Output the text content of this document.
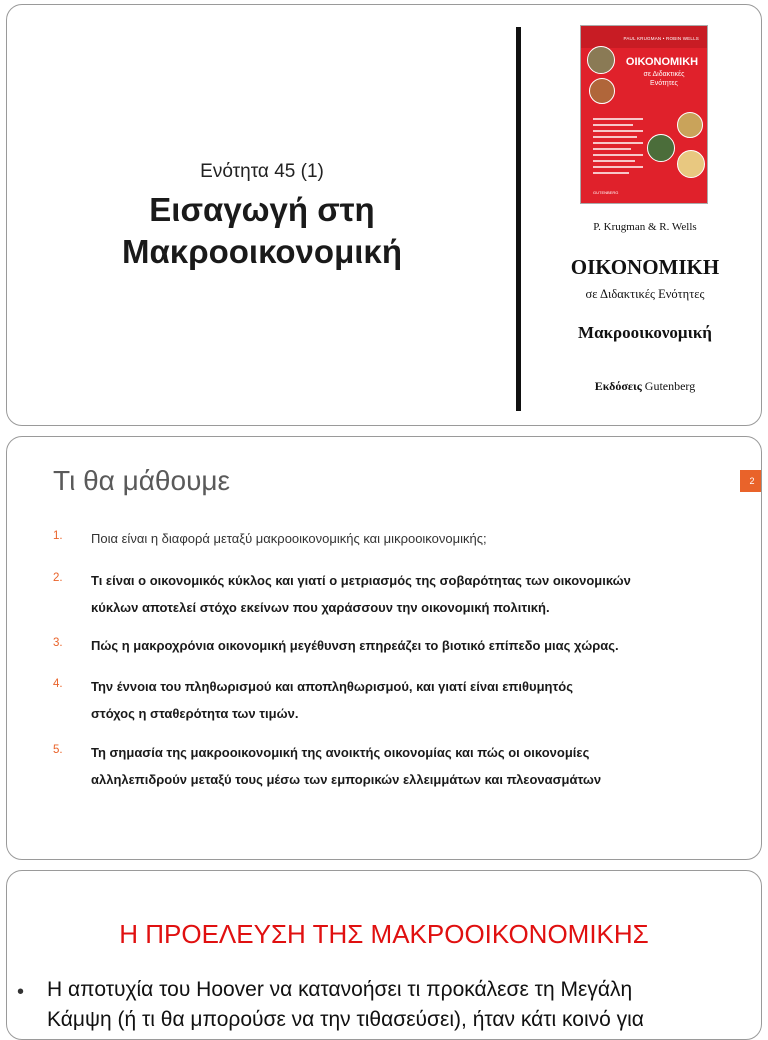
Ενότητα 45 (1)
Εισαγωγή στη
Μακροοικονομική
PAUL KRUGMAN • ROBIN WELLS
ΟΙΚΟΝΟΜΙΚΗ
σε Διδακτικές
Ενότητες
GUTENBERG
P. Krugman & R. Wells
ΟΙΚΟΝΟΜΙΚΗ
σε Διδακτικές Ενότητες
Μακροοικονομική
Εκδόσεις Gutenberg
Τι θα μάθουμε	2
1. Ποια είναι η διαφορά μεταξύ μακροοικονομικής και μικροοικονομικής;
2. Τι είναι ο οικονομικός κύκλος και γιατί ο μετριασμός της σοβαρότητας των οικονομικών
κύκλων αποτελεί στόχο εκείνων που χαράσσουν την οικονομική πολιτική.
3. Πώς η μακροχρόνια οικονομική μεγέθυνση επηρεάζει το βιοτικό επίπεδο μιας χώρας.
4. Την έννοια του πληθωρισμού και αποπληθωρισμού, και γιατί είναι επιθυμητός
στόχος η σταθερότητα των τιμών.
5. Τη σημασία της μακροοικονομική της ανοικτής οικονομίας και πώς οι οικονομίες
αλληλεπιδρούν μεταξύ τους μέσω των εμπορικών ελλειμμάτων και πλεονασμάτων
Η ΠΡΟΕΛΕΥΣΗ ΤΗΣ ΜΑΚΡΟΟΙΚΟΝΟΜΙΚΗΣ
• Η αποτυχία του Hoover να κατανοήσει τι προκάλεσε τη Μεγάλη
Κάμψη (ή τι θα μπορούσε να την τιθασεύσει), ήταν κάτι κοινό για
